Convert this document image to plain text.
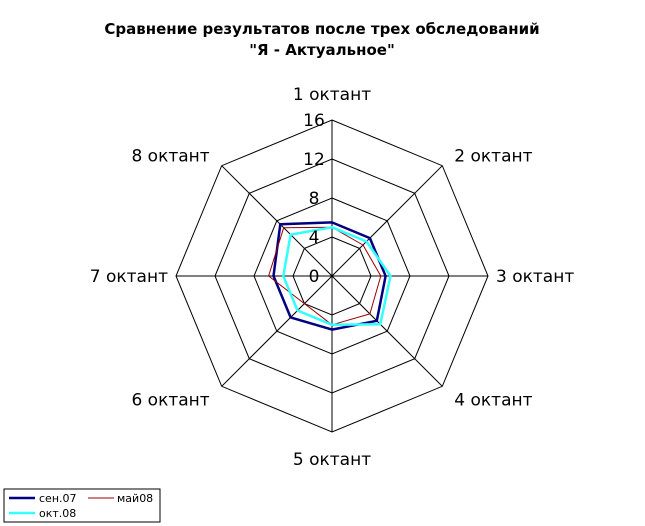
Сравнение результатов после трех обследований
"Я - Актуальное"
0
4
8
12
16
1 октант
2 октант
3 октант
4 октант
5 октант
6 октант
7 октант
8 октант
сен.07	май08
окт.08
